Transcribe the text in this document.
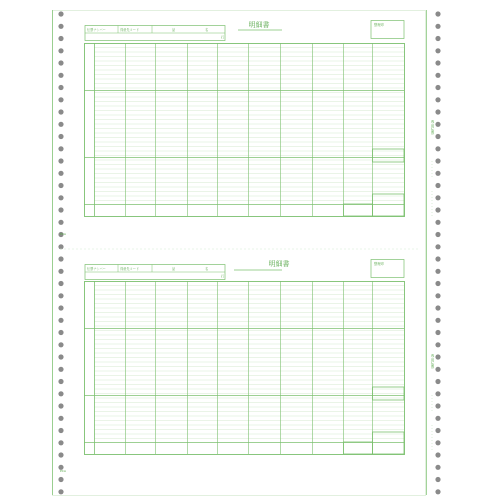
明細書
伝票ナンバー	得意先コード	品	名
行
整理印
専用伝票
・・・・・・
・・・・・・・・・
PCA
明細書
伝票ナンバー	得意先コード	品	名
行
整理印
専用伝票
・・・・・・
・・・・・・・・・
PCA
